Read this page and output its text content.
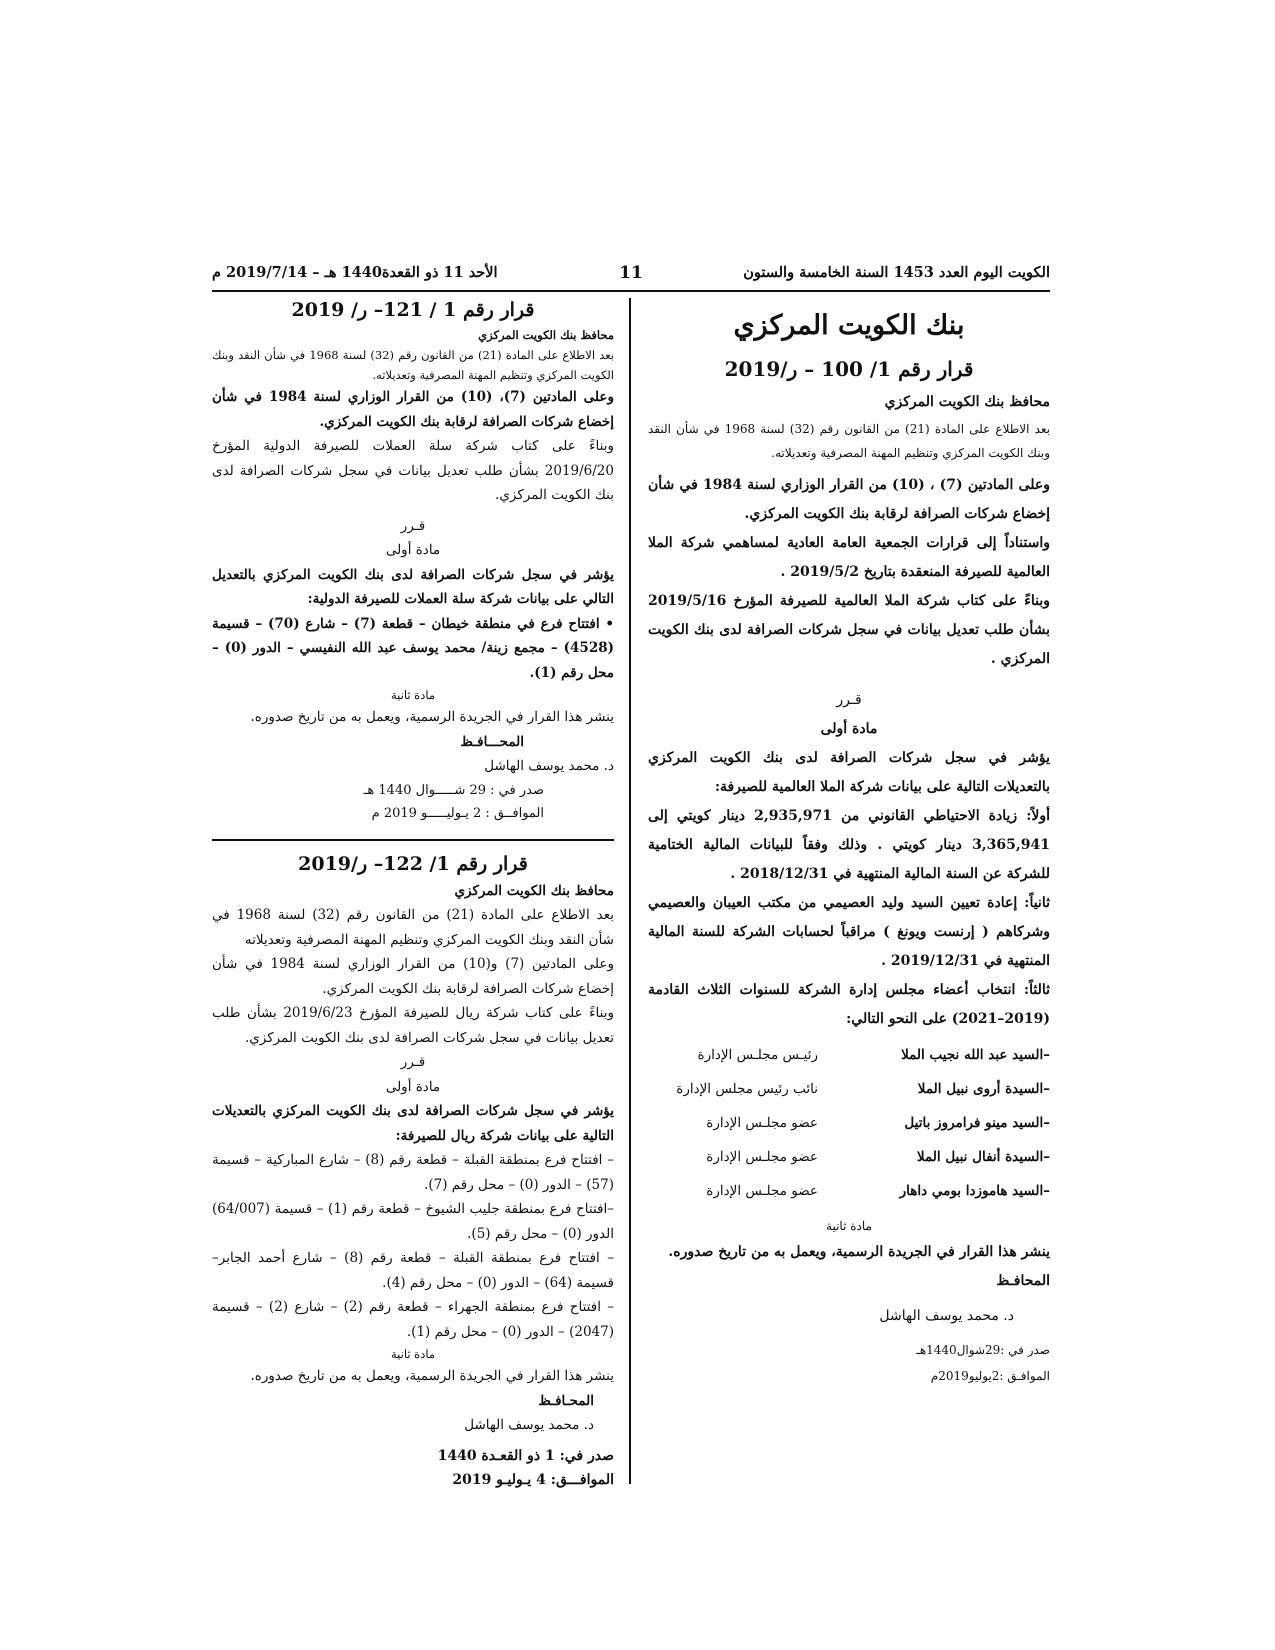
الكويت اليوم العدد 1453 السنة الخامسة والستون
11
الأحد 11 ذو القعدة1440 هـ – 2019/7/14 م

بنك الكويت المركزي

قرار رقم 1/ 100 – ر/2019

محافظ بنك الكويت المركزي

بعد الاطلاع على المادة (21) من القانون رقم (32) لسنة 1968 في شأن النقد وبنك الكويت المركزي وتنظيم المهنة المصرفية وتعديلاته.

وعلى المادتين (7) ، (10) من القرار الوزاري لسنة 1984 في شأن إخضاع شركات الصرافة لرقابة بنك الكويت المركزي.

واستناداً إلى قرارات الجمعية العامة العادية لمساهمي شركة الملا العالمية للصيرفة المنعقدة بتاريخ 2019/5/2 .

وبناءً على كتاب شركة الملا العالمية للصيرفة المؤرخ 2019/5/16 بشأن طلب تعديل بيانات في سجل شركات الصرافة لدى بنك الكويت المركزي .

قـرر

مادة أولى

يؤشر في سجل شركات الصرافة لدى بنك الكويت المركزي بالتعديلات التالية على بيانات شركة الملا العالمية للصيرفة:

أولاً: زيادة الاحتياطي القانوني من 2,935,971 دينار كويتي إلى 3,365,941 دينار كويتي . وذلك وفقاً للبيانات المالية الختامية للشركة عن السنة المالية المنتهية في 2018/12/31 .

ثانياً: إعادة تعيين السيد وليد العصيمي من مكتب العيبان والعصيمي وشركاهم ( إرنست ويونغ ) مراقباً لحسابات الشركة للسنة المالية المنتهية في 2019/12/31 .

ثالثاً: انتخاب أعضاء مجلس إدارة الشركة للسنوات الثلاث القادمة (2019–2021) على النحو التالي:

–السيد عبد الله نجيب الملا
رئيـس مجلـس الإدارة
–السيدة أروى نبيل الملا
نائب رئيس مجلس الإدارة
–السيد مينو فرامروز باتيل
عضو مجلـس الإدارة
–السيدة أنفال نبيل الملا
عضو مجلـس الإدارة
–السيد هاموزدا بومي داهار
عضو مجلـس الإدارة

مادة ثانية

ينشر هذا القرار في الجريدة الرسمية، ويعمل به من تاريخ صدوره.

المحافـظ

د. محمد يوسف الهاشل

صدر في :29شوال1440هـ

الموافـق :2يوليو2019م

قرار رقم 1 / 121– ر/ 2019

محافظ بنك الكويت المركزي

بعد الاطلاع على المادة (21) من القانون رقم (32) لسنة 1968 في شأن النقد وبنك الكويت المركزي وتنظيم المهنة المصرفية وتعديلاته.

وعلى المادتين (7)، (10) من القرار الوزاري لسنة 1984 في شأن إخضاع شركات الصرافة لرقابة بنك الكويت المركزي.

وبناءً على كتاب شركة سلة العملات للصيرفة الدولية المؤرخ 2019/6/20 بشأن طلب تعديل بيانات في سجل شركات الصرافة لدى بنك الكويت المركزي.

قـرر

مادة أولى

يؤشر في سجل شركات الصرافة لدى بنك الكويت المركزي بالتعديل التالي على بيانات شركة سلة العملات للصيرفة الدولية:

• افتتاح فرع في منطقة خيطان – قطعة (7) – شارع (70) – قسيمة (4528) – مجمع زينة/ محمد يوسف عبد الله النفيسي – الدور (0) – محل رقم (1).

مادة ثانية

ينشر هذا القرار في الجريدة الرسمية، ويعمل به من تاريخ صدوره.

المحـــافـظ

د. محمد يوسف الهاشل

صدر في : 29 شـــــوال 1440 هـ

الموافــق : 2 يـوليـــــو 2019 م

قرار رقم 1/ 122– ر/2019

محافظ بنك الكويت المركزي

بعد الاطلاع على المادة (21) من القانون رقم (32) لسنة 1968 في شأن النقد وبنك الكويت المركزي وتنظيم المهنة المصرفية وتعديلاته

وعلى المادتين (7) و(10) من القرار الوزاري لسنة 1984 في شأن إخضاع شركات الصرافة لرقابة بنك الكويت المركزي.

وبناءً على كتاب شركة ريال للصيرفة المؤرخ 2019/6/23 بشأن طلب تعديل بيانات في سجل شركات الصرافة لدى بنك الكويت المركزي.

قـرر

مادة أولى

يؤشر في سجل شركات الصرافة لدى بنك الكويت المركزي بالتعديلات التالية على بيانات شركة ريال للصيرفة:

– افتتاح فرع بمنطقة القبلة – قطعة رقم (8) – شارع المباركية – قسيمة (57) – الدور (0) – محل رقم (7).

–افتتاح فرع بمنطقة جليب الشيوخ – قطعة رقم (1) – قسيمة (64/007) الدور (0) – محل رقم (5).

– افتتاح فرع بمنطقة القبلة – قطعة رقم (8) – شارع أحمد الجابر– قسيمة (64) – الدور (0) – محل رقم (4).

– افتتاح فرع بمنطقة الجهراء – قطعة رقم (2) – شارع (2) – قسيمة (2047) – الدور (0) – محل رقم (1).

مادة ثانية

ينشر هذا القرار في الجريدة الرسمية، ويعمل به من تاريخ صدوره.

المحـافـظ

د. محمد يوسف الهاشل

صدر في: 1 ذو القعـدة 1440

الموافـــق: 4 يـوليـو 2019
